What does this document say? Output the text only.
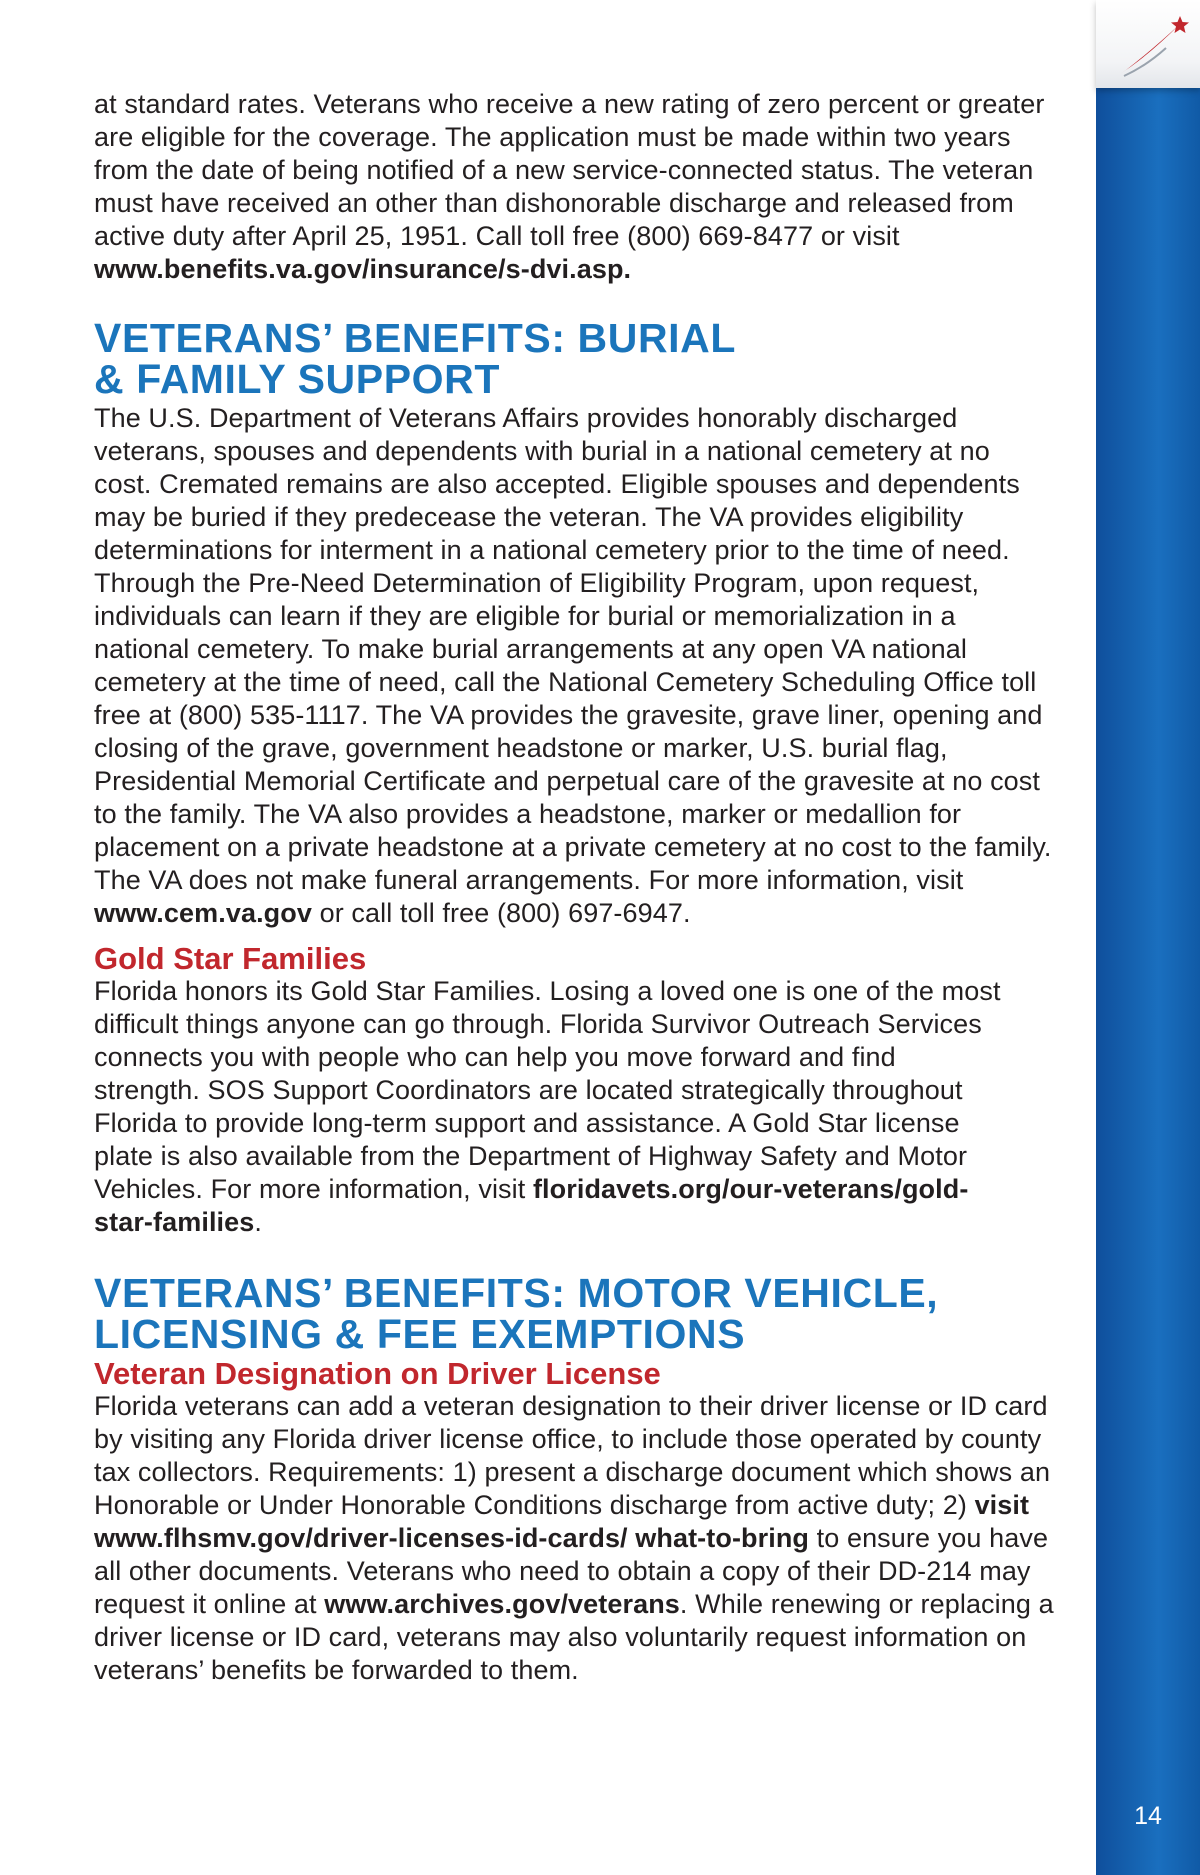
at standard rates. Veterans who receive a new rating of zero percent or greater are eligible for the coverage. The application must be made within two years from the date of being notified of a new service-connected status. The veteran must have received an other than dishonorable discharge and released from active duty after April 25, 1951. Call toll free (800) 669-8477 or visit www.benefits.va.gov/insurance/s-dvi.asp.

VETERANS’ BENEFITS: BURIAL
& FAMILY SUPPORT

The U.S. Department of Veterans Affairs provides honorably discharged veterans, spouses and dependents with burial in a national cemetery at no cost. Cremated remains are also accepted. Eligible spouses and dependents may be buried if they predecease the veteran. The VA provides eligibility determinations for interment in a national cemetery prior to the time of need. Through the Pre-Need Determination of Eligibility Program, upon request, individuals can learn if they are eligible for burial or memorialization in a national cemetery. To make burial arrangements at any open VA national cemetery at the time of need, call the National Cemetery Scheduling Office toll free at (800) 535-1117. The VA provides the gravesite, grave liner, opening and closing of the grave, government headstone or marker, U.S. burial flag, Presidential Memorial Certificate and perpetual care of the gravesite at no cost to the family. The VA also provides a headstone, marker or medallion for placement on a private headstone at a private cemetery at no cost to the family. The VA does not make funeral arrangements. For more information, visit www.cem.va.gov or call toll free (800) 697-6947.

Gold Star Families

Florida honors its Gold Star Families. Losing a loved one is one of the most difficult things anyone can go through. Florida Survivor Outreach Services connects you with people who can help you move forward and find strength. SOS Support Coordinators are located strategically throughout Florida to provide long-term support and assistance. A Gold Star license plate is also available from the Department of Highway Safety and Motor Vehicles. For more information, visit floridavets.org/our-veterans/gold-star-families.

VETERANS’ BENEFITS: MOTOR VEHICLE,
LICENSING & FEE EXEMPTIONS
Veteran Designation on Driver License

Florida veterans can add a veteran designation to their driver license or ID card by visiting any Florida driver license office, to include those operated by county tax collectors. Requirements: 1) present a discharge document which shows an Honorable or Under Honorable Conditions discharge from active duty; 2) visit www.flhsmv.gov/driver-licenses-id-cards/ what-to-bring to ensure you have all other documents. Veterans who need to obtain a copy of their DD-214 may request it online at www.archives.gov/veterans. While renewing or replacing a driver license or ID card, veterans may also voluntarily request information on veterans’ benefits be forwarded to them.

14
